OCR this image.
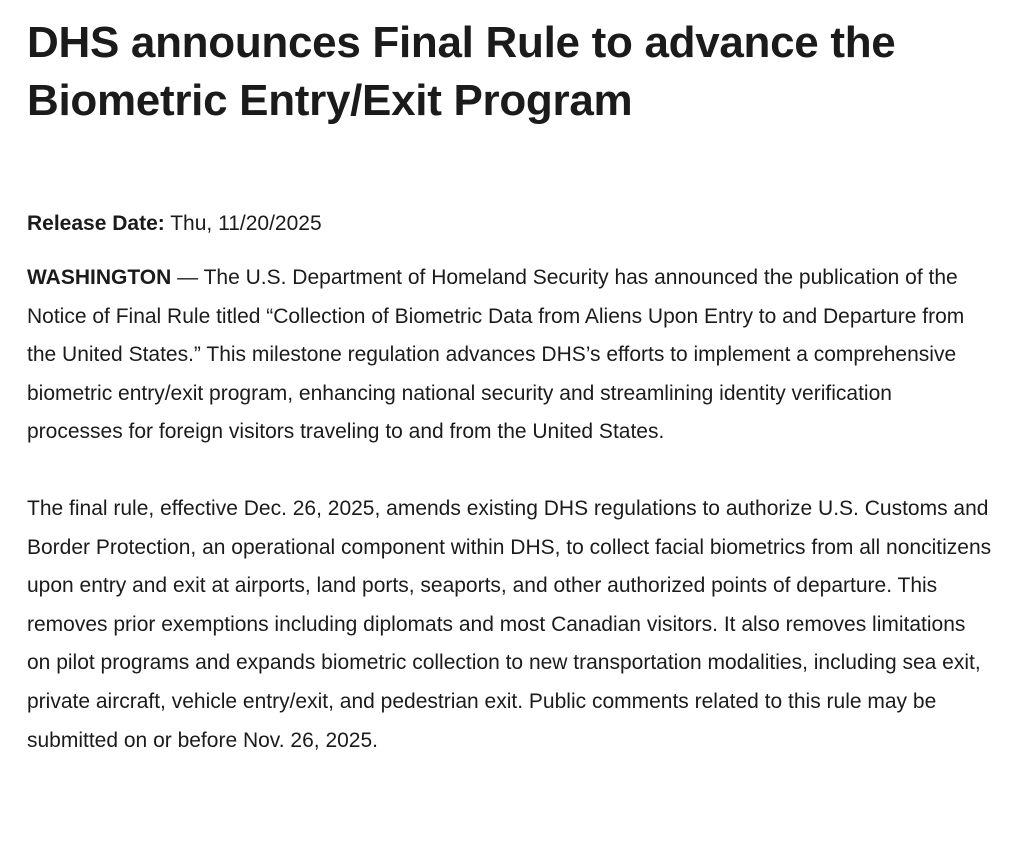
DHS announces Final Rule to advance the Biometric Entry/Exit Program

Release Date: Thu, 11/20/2025

WASHINGTON — The U.S. Department of Homeland Security has announced the publication of the Notice of Final Rule titled “Collection of Biometric Data from Aliens Upon Entry to and Departure from the United States.” This milestone regulation advances DHS’s efforts to implement a comprehensive biometric entry/exit program, enhancing national security and streamlining identity verification processes for foreign visitors traveling to and from the United States.

The final rule, effective Dec. 26, 2025, amends existing DHS regulations to authorize U.S. Customs and Border Protection, an operational component within DHS, to collect facial biometrics from all noncitizens upon entry and exit at airports, land ports, seaports, and other authorized points of departure. This removes prior exemptions including diplomats and most Canadian visitors. It also removes limitations on pilot programs and expands biometric collection to new transportation modalities, including sea exit, private aircraft, vehicle entry/exit, and pedestrian exit. Public comments related to this rule may be submitted on or before Nov. 26, 2025.
